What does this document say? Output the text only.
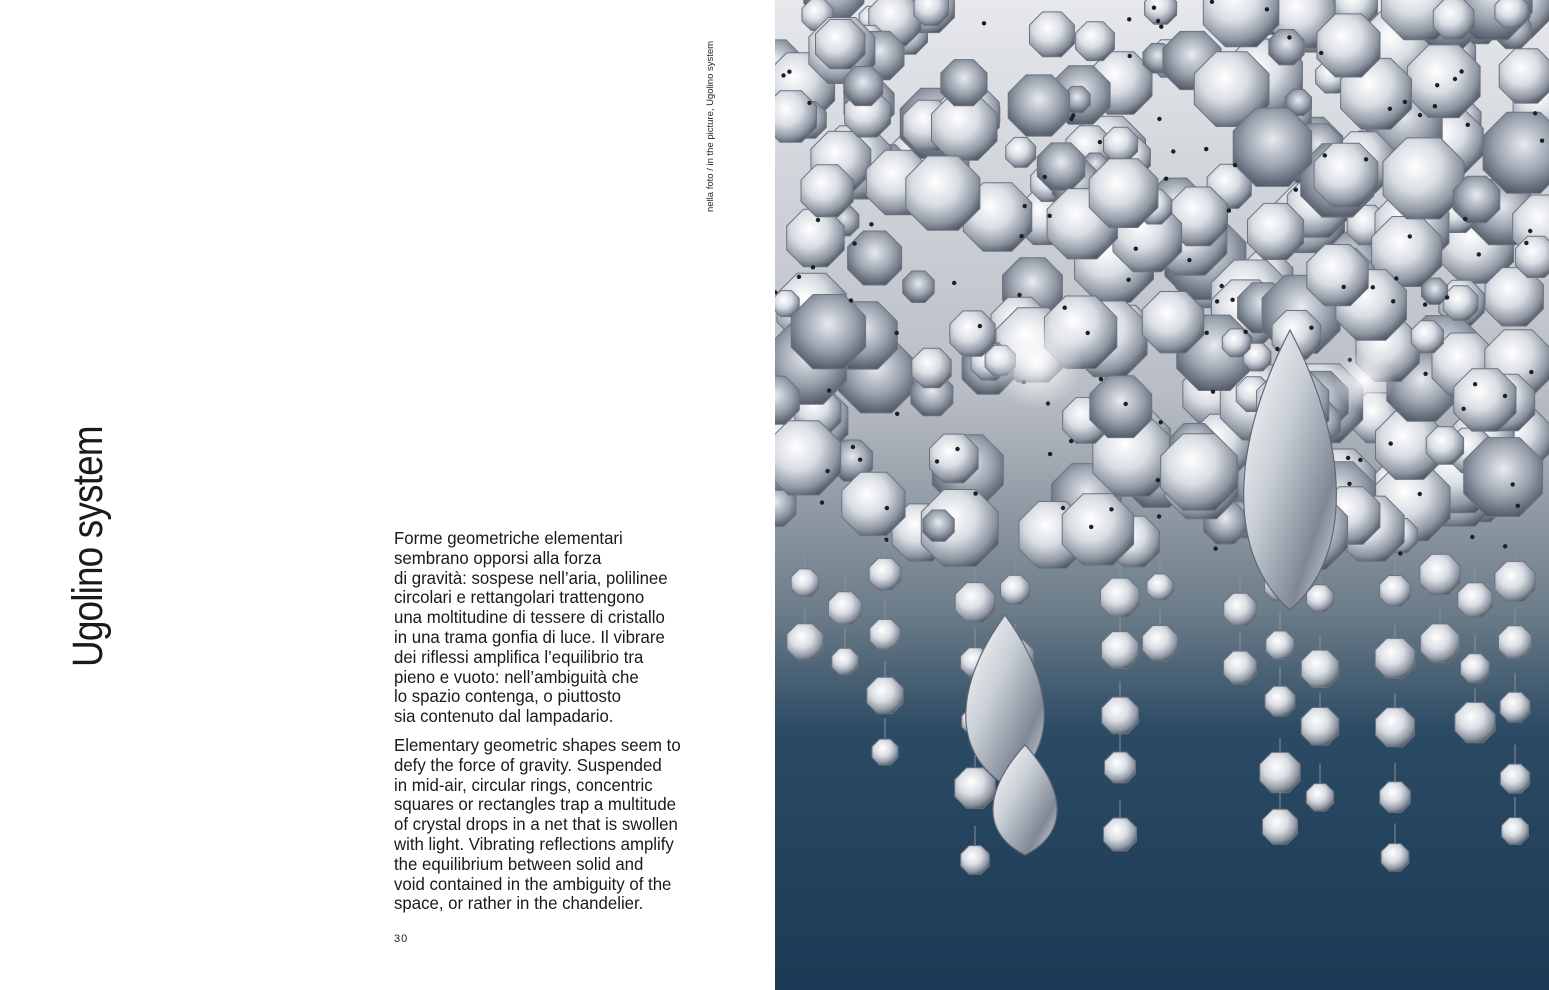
Ugolino system
nella foto / in the picture, Ugolino system

Forme geometriche elementari
sembrano opporsi alla forza
di gravità: sospese nell’aria, polilinee
circolari e rettangolari trattengono
una moltitudine di tessere di cristallo
in una trama gonfia di luce. Il vibrare
dei riflessi amplifica l’equilibrio tra
pieno e vuoto: nell’ambiguità che
lo spazio contenga, o piuttosto
sia contenuto dal lampadario.

Elementary geometric shapes seem to
defy the force of gravity. Suspended
in mid-air, circular rings, concentric
squares or rectangles trap a multitude
of crystal drops in a net that is swollen
with light. Vibrating reflections amplify
the equilibrium between solid and
void contained in the ambiguity of the
space, or rather in the chandelier.

30
